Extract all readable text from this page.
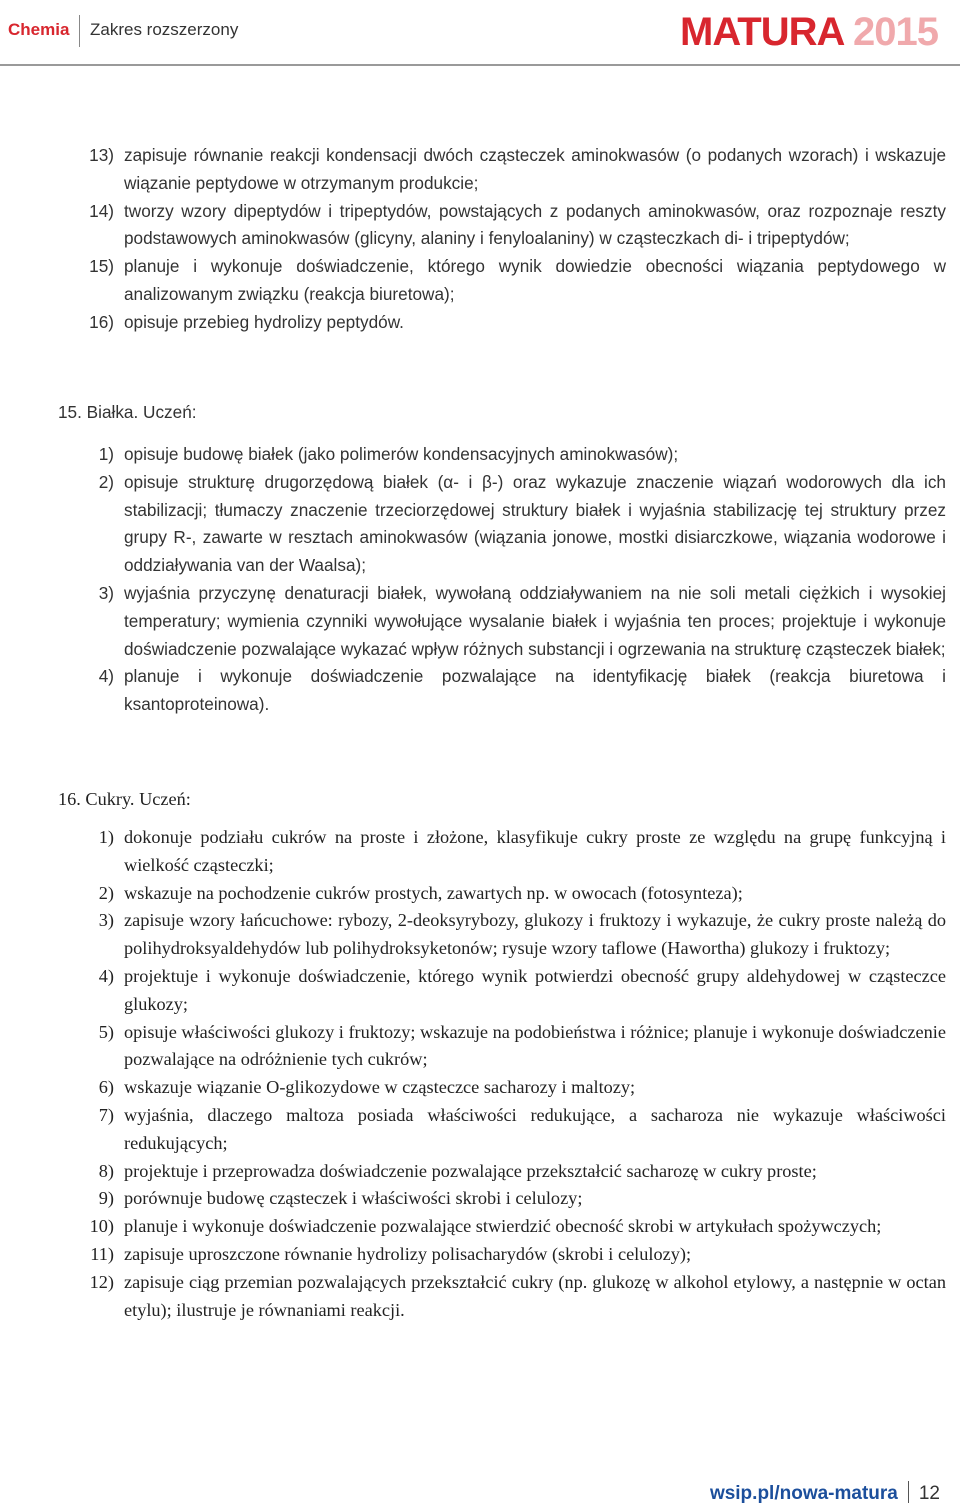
Chemia Zakres rozszerzony	MATURA 2015
13) zapisuje równanie reakcji kondensacji dwóch cząsteczek aminokwasów (o podanych wzorach) i wskazuje wiązanie peptydowe w otrzymanym produkcie;
14) tworzy wzory dipeptydów i tripeptydów, powstających z podanych aminokwasów, oraz rozpoznaje reszty podstawowych aminokwasów (glicyny, alaniny i fenyloalaniny) w cząsteczkach di- i tripeptydów;
15) planuje i wykonuje doświadczenie, którego wynik dowiedzie obecności wiązania peptydowego w analizowanym związku (reakcja biuretowa);
16) opisuje przebieg hydrolizy peptydów.
15. Białka. Uczeń:
1) opisuje budowę białek (jako polimerów kondensacyjnych aminokwasów);
2) opisuje strukturę drugorzędową białek (α- i β-) oraz wykazuje znaczenie wiązań wodorowych dla ich stabilizacji; tłumaczy znaczenie trzeciorzędowej struktury białek i wyjaśnia stabilizację tej struktury przez grupy R-, zawarte w resztach aminokwasów (wiązania jonowe, mostki disiarczkowe, wiązania wodorowe i oddziaływania van der Waalsa);
3) wyjaśnia przyczynę denaturacji białek, wywołaną oddziaływaniem na nie soli metali ciężkich i wysokiej temperatury; wymienia czynniki wywołujące wysalanie białek i wyjaśnia ten proces; projektuje i wykonuje doświadczenie pozwalające wykazać wpływ różnych substancji i ogrzewania na strukturę cząsteczek białek;
4) planuje i wykonuje doświadczenie pozwalające na identyfikację białek (reakcja biuretowa i ksantoproteinowa).
16. Cukry. Uczeń:
1) dokonuje podziału cukrów na proste i złożone, klasyfikuje cukry proste ze względu na grupę funkcyjną i wielkość cząsteczki;
2) wskazuje na pochodzenie cukrów prostych, zawartych np. w owocach (fotosynteza);
3) zapisuje wzory łańcuchowe: rybozy, 2-deoksyrybozy, glukozy i fruktozy i wykazuje, że cukry proste należą do polihydroksyaldehydów lub polihydroksyketonów; rysuje wzory taflowe (Hawortha) glukozy i fruktozy;
4) projektuje i wykonuje doświadczenie, którego wynik potwierdzi obecność grupy aldehydowej w cząsteczce glukozy;
5) opisuje właściwości glukozy i fruktozy; wskazuje na podobieństwa i różnice; planuje i wykonuje doświadczenie pozwalające na odróżnienie tych cukrów;
6) wskazuje wiązanie O-glikozydowe w cząsteczce sacharozy i maltozy;
7) wyjaśnia, dlaczego maltoza posiada właściwości redukujące, a sacharoza nie wykazuje właściwości redukujących;
8) projektuje i przeprowadza doświadczenie pozwalające przekształcić sacharozę w cukry proste;
9) porównuje budowę cząsteczek i właściwości skrobi i celulozy;
10) planuje i wykonuje doświadczenie pozwalające stwierdzić obecność skrobi w artykułach spożywczych;
11) zapisuje uproszczone równanie hydrolizy polisacharydów (skrobi i celulozy);
12) zapisuje ciąg przemian pozwalających przekształcić cukry (np. glukozę w alkohol etylowy, a następnie w octan etylu); ilustruje je równaniami reakcji.
wsip.pl/nowa-matura 12
